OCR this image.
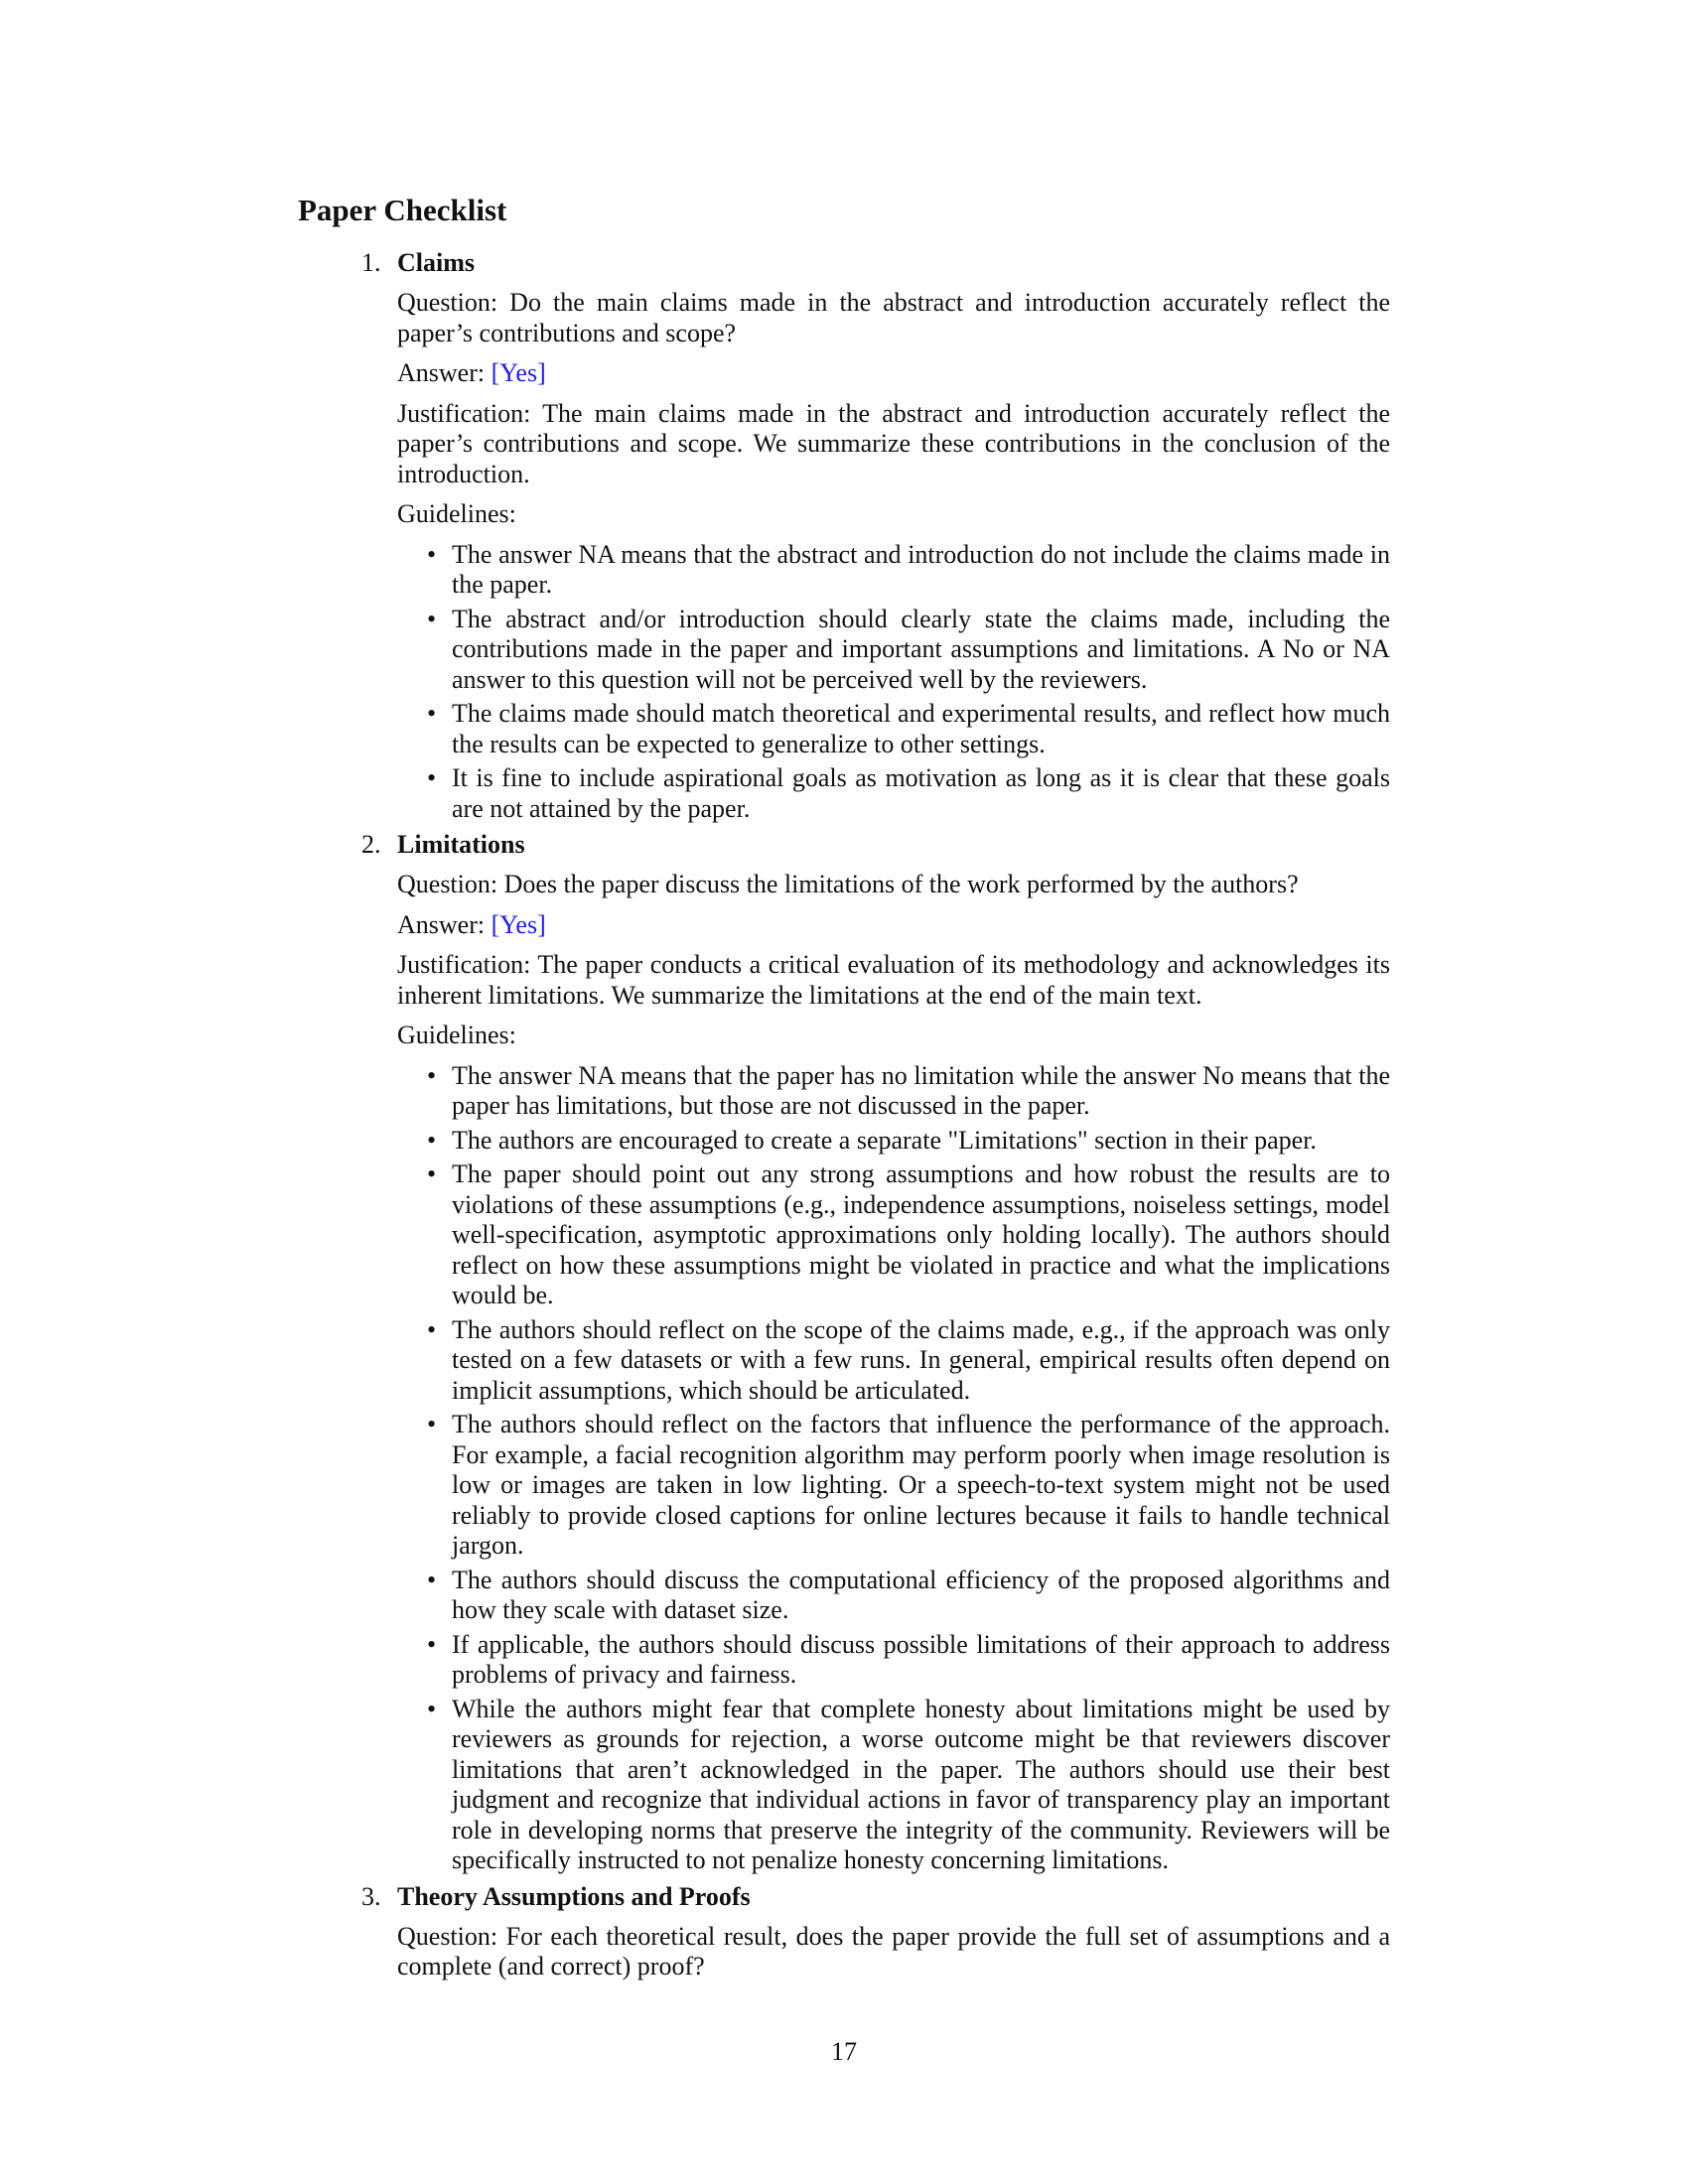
Paper Checklist
1. Claims

Question: Do the main claims made in the abstract and introduction accurately reflect the paper’s contributions and scope?

Answer: [Yes]

Justification: The main claims made in the abstract and introduction accurately reflect the paper’s contributions and scope. We summarize these contributions in the conclusion of the introduction.

Guidelines:

• The answer NA means that the abstract and introduction do not include the claims made in the paper.
• The abstract and/or introduction should clearly state the claims made, including the contributions made in the paper and important assumptions and limitations. A No or NA answer to this question will not be perceived well by the reviewers.
• The claims made should match theoretical and experimental results, and reflect how much the results can be expected to generalize to other settings.
• It is fine to include aspirational goals as motivation as long as it is clear that these goals are not attained by the paper.
2. Limitations

Question: Does the paper discuss the limitations of the work performed by the authors?

Answer: [Yes]

Justification: The paper conducts a critical evaluation of its methodology and acknowledges its inherent limitations. We summarize the limitations at the end of the main text.

Guidelines:

• The answer NA means that the paper has no limitation while the answer No means that the paper has limitations, but those are not discussed in the paper.
• The authors are encouraged to create a separate "Limitations" section in their paper.
• The paper should point out any strong assumptions and how robust the results are to violations of these assumptions (e.g., independence assumptions, noiseless settings, model well-specification, asymptotic approximations only holding locally). The authors should reflect on how these assumptions might be violated in practice and what the implications would be.
• The authors should reflect on the scope of the claims made, e.g., if the approach was only tested on a few datasets or with a few runs. In general, empirical results often depend on implicit assumptions, which should be articulated.
• The authors should reflect on the factors that influence the performance of the approach. For example, a facial recognition algorithm may perform poorly when image resolution is low or images are taken in low lighting. Or a speech-to-text system might not be used reliably to provide closed captions for online lectures because it fails to handle technical jargon.
• The authors should discuss the computational efficiency of the proposed algorithms and how they scale with dataset size.
• If applicable, the authors should discuss possible limitations of their approach to address problems of privacy and fairness.
• While the authors might fear that complete honesty about limitations might be used by reviewers as grounds for rejection, a worse outcome might be that reviewers discover limitations that aren’t acknowledged in the paper. The authors should use their best judgment and recognize that individual actions in favor of transparency play an important role in developing norms that preserve the integrity of the community. Reviewers will be specifically instructed to not penalize honesty concerning limitations.
3. Theory Assumptions and Proofs

Question: For each theoretical result, does the paper provide the full set of assumptions and a complete (and correct) proof?

17
